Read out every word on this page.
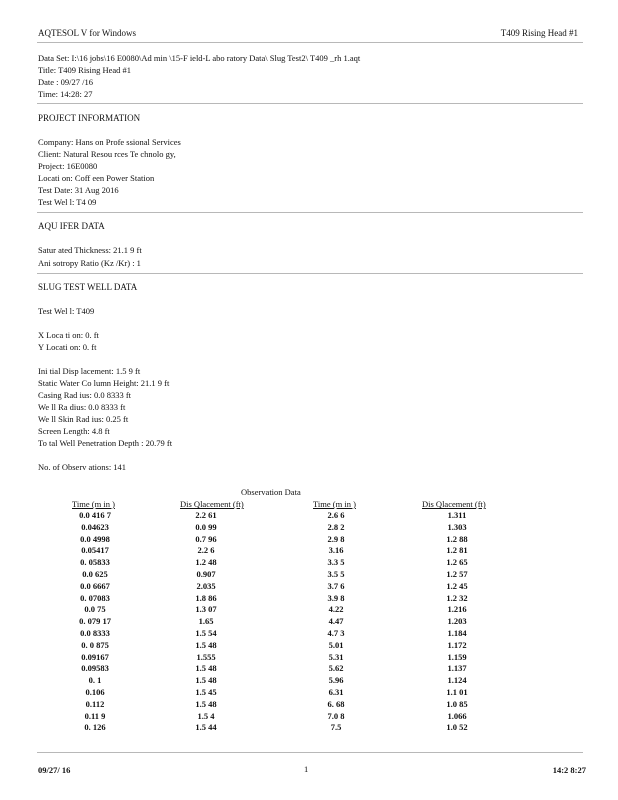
AQTESOL V for Windows	T409 Rising Head #1
Data Set: I:\16 jobs\16 E0080\Ad min \15-F ield-L abo ratory Data\ Slug Test2\ T409 _rh 1.aqt
Title: T409 Rising Head #1
Date : 09/27 /16
Time: 14:28: 27
PROJECT INFORMATION
Company: Hans on Profe ssional Services
Client: Natural Resou rces Te chnolo gy,
Project: 16E0080
Locati on: Coff een Power Station
Test Date: 31 Aug 2016
Test Wel l: T4 09
AQU IFER DATA
Satur ated Thickness: 21.1 9 ft
Ani sotropy Ratio (Kz /Kr) : 1
SLUG TEST WELL DATA
Test Wel l: T409
X Loca ti on: 0. ft
Y Locati on: 0. ft
Ini tial Disp lacement: 1.5 9 ft
Static Water Co lumn Height: 21.1 9 ft
Casing Rad ius: 0.0 8333 ft
We ll Ra dius: 0.0 8333 ft
We ll Skin Rad ius: 0.25 ft
Screen Length: 4.8 ft
To tal Well Penetration Depth : 20.79 ft
No. of Observ ations: 141
Observation Data
Time (m in )	Dis Qlacement (ft)	Time (m in )	Dis Qlacement (ft)
0.0 416 7	2.2 61	2.6 6	1.311
0.04623	0.0 99	2.8 2	1.303
0.0 4998	0.7 96	2.9 8	1.2 88
0.05417	2.2 6	3.16	1.2 81
0. 05833	1.2 48	3.3 5	1.2 65
0.0 625	0.907	3.5 5	1.2 57
0.0 6667	2.035	3.7 6	1.2 45
0. 07083	1.8 86	3.9 8	1.2 32
0.0 75	1.3 07	4.22	1.216
0. 079 17	1.65	4.47	1.203
0.0 8333	1.5 54	4.7 3	1.184
0. 0 875	1.5 48	5.01	1.172
0.09167	1.555	5.31	1.159
0.09583	1.5 48	5.62	1.137
0. 1	1.5 48	5.96	1.124
0.106	1.5 45	6.31	1.1 01
0.112	1.5 48	6. 68	1.0 85
0.11 9	1.5 4	7.0 8	1.066
0. 126	1.5 44	7.5	1.0 52
09/27/ 16	1	14:2 8:27
